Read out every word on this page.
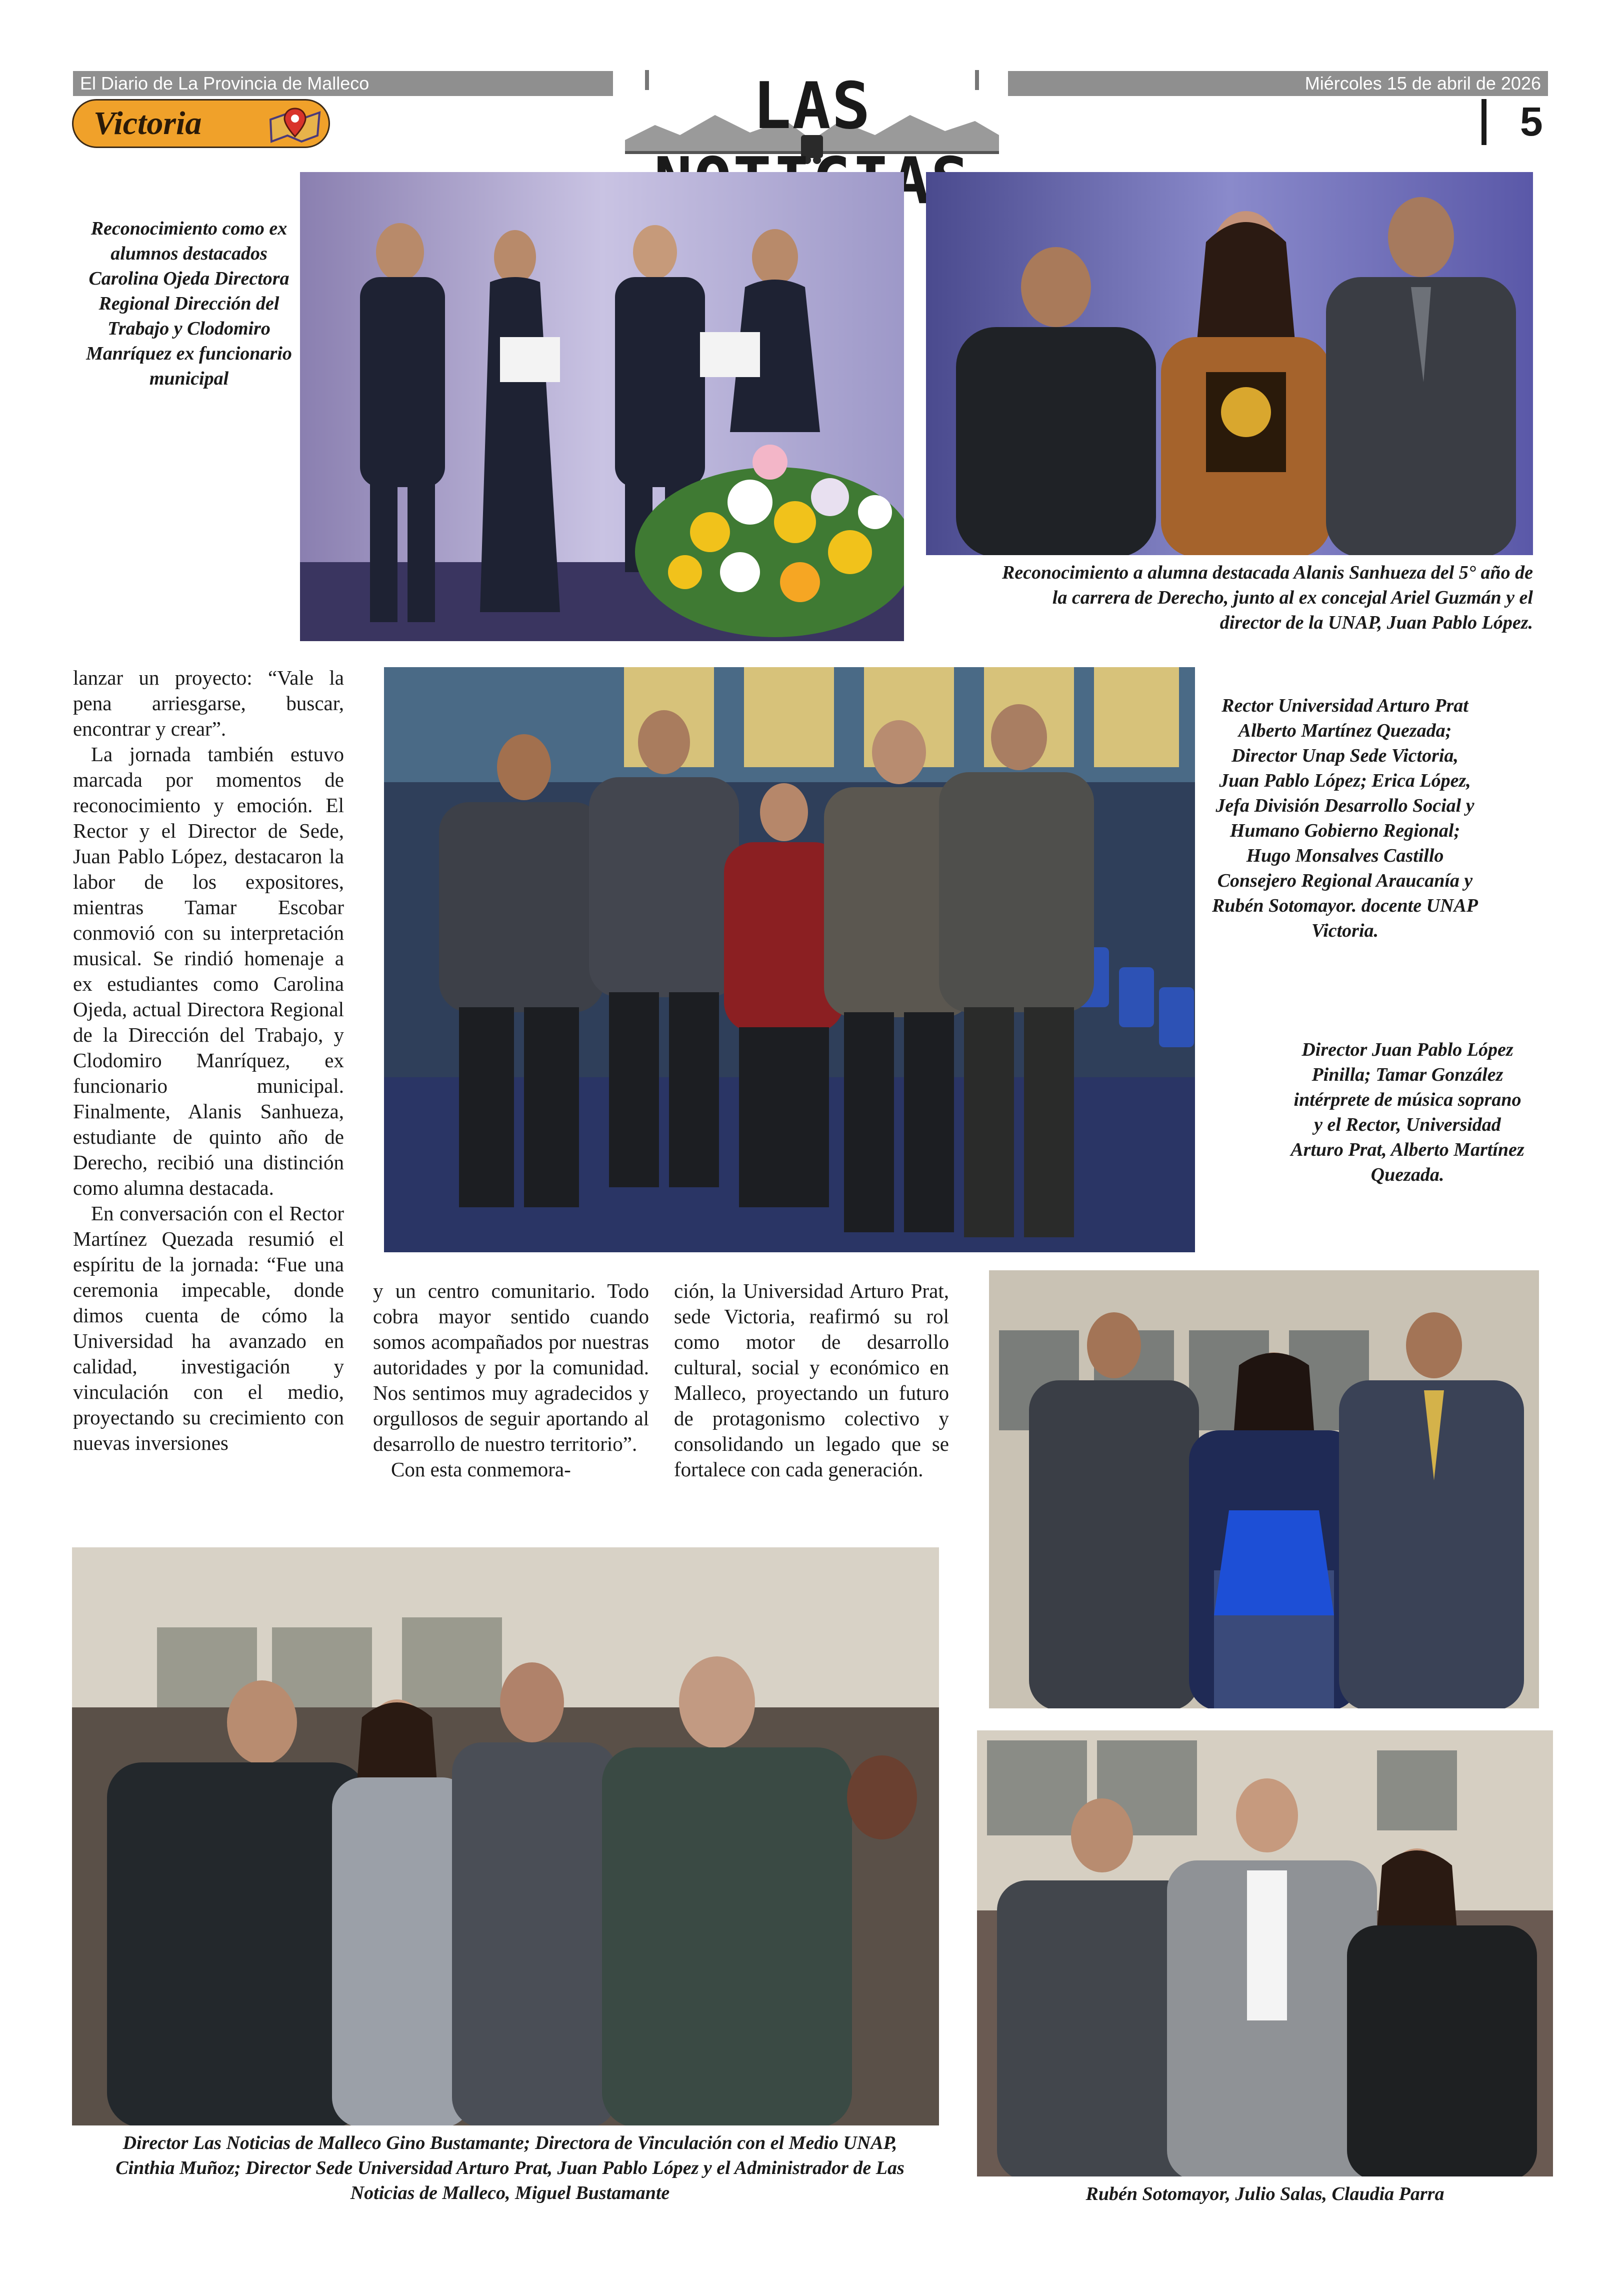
El Diario de La Provincia de Malleco	Miércoles 15 de abril de 2026
Victoria	LAS	5

Reconocimiento como ex alumnos destacados Carolina Ojeda Directora Regional Dirección del Trabajo y Clodomiro Manríquez ex funcionario municipal

Reconocimiento a alumna destacada Alanis Sanhueza del 5° año de la carrera de Derecho, junto al ex concejal Ariel Guzmán y el director de la UNAP, Juan Pablo López.

Rector Universidad Arturo Prat Alberto Martínez Quezada; Director Unap Sede Victoria, Juan Pablo López; Erica López, Jefa División Desarrollo Social y Humano Gobierno Regional; Hugo Monsalves Castillo Consejero Regional Araucanía y Rubén Sotomayor. docente UNAP Victoria.

Director Juan Pablo López Pinilla; Tamar González intérprete de música soprano y el Rector, Universidad Arturo Prat, Alberto Martínez Quezada.

Director Las Noticias de Malleco Gino Bustamante; Directora de Vinculación con el Medio UNAP, Cinthia Muñoz; Director Sede Universidad Arturo Prat, Juan Pablo López y el Administrador de Las Noticias de Malleco, Miguel Bustamante	Rubén Sotomayor, Julio Salas, Claudia Parra

lanzar un proyecto: “Vale la pena arriesgarse, buscar, encontrar y crear”.

La jornada también estuvo marcada por momentos de reconocimiento y emoción. El Rector y el Director de Sede, Juan Pablo López, destacaron la labor de los expositores, mientras Tamar Escobar conmovió con su interpretación musical. Se rindió homenaje a ex estudiantes como Carolina Ojeda, actual Directora Regional de la Dirección del Trabajo, y Clodomiro Manríquez, ex funcionario municipal. Finalmente, Alanis Sanhueza, estudiante de quinto año de Derecho, recibió una distinción como alumna destacada.

En conversación con el Rector Martínez Quezada resumió el espíritu de la jornada: “Fue una ceremonia impecable, donde dimos cuenta de cómo la Universidad ha avanzado en calidad, investigación y vinculación con el medio, proyectando su crecimiento con nuevas inversiones

y un centro comunitario. Todo cobra mayor sentido cuando somos acompañados por nuestras autoridades y por la comunidad. Nos sentimos muy agradecidos y orgullosos de seguir aportando al desarrollo de nuestro territorio”.

Con esta conmemora-

ción, la Universidad Arturo Prat, sede Victoria, reafirmó su rol como motor de desarrollo cultural, social y económico en Malleco, proyectando un futuro de protagonismo colectivo y consolidando un legado que se fortalece con cada generación.
